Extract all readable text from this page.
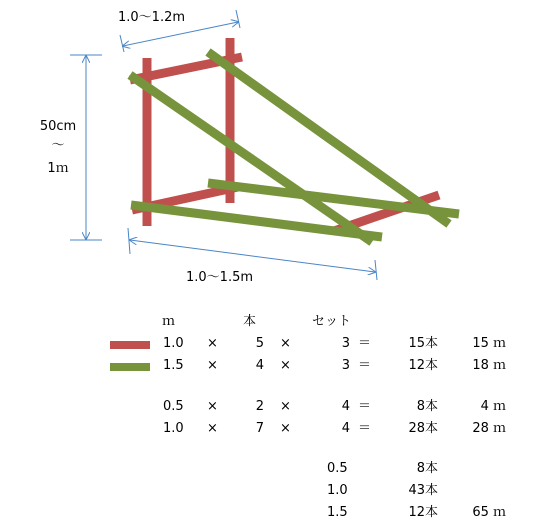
1.0～1.2m
50cm
～
1ｍ
1.0～1.5m
ｍ	本	セット
1.0 ×	5 ×	3 ＝	15本	15 ｍ
1.5 ×	4 ×	3 ＝	12本	18 ｍ
0.5 ×	2 ×	4 ＝	8本	4 ｍ
1.0 ×	7 ×	4 ＝	28本	28 ｍ
0.5	8本
1.0	43本
1.5	12本	65 ｍ
